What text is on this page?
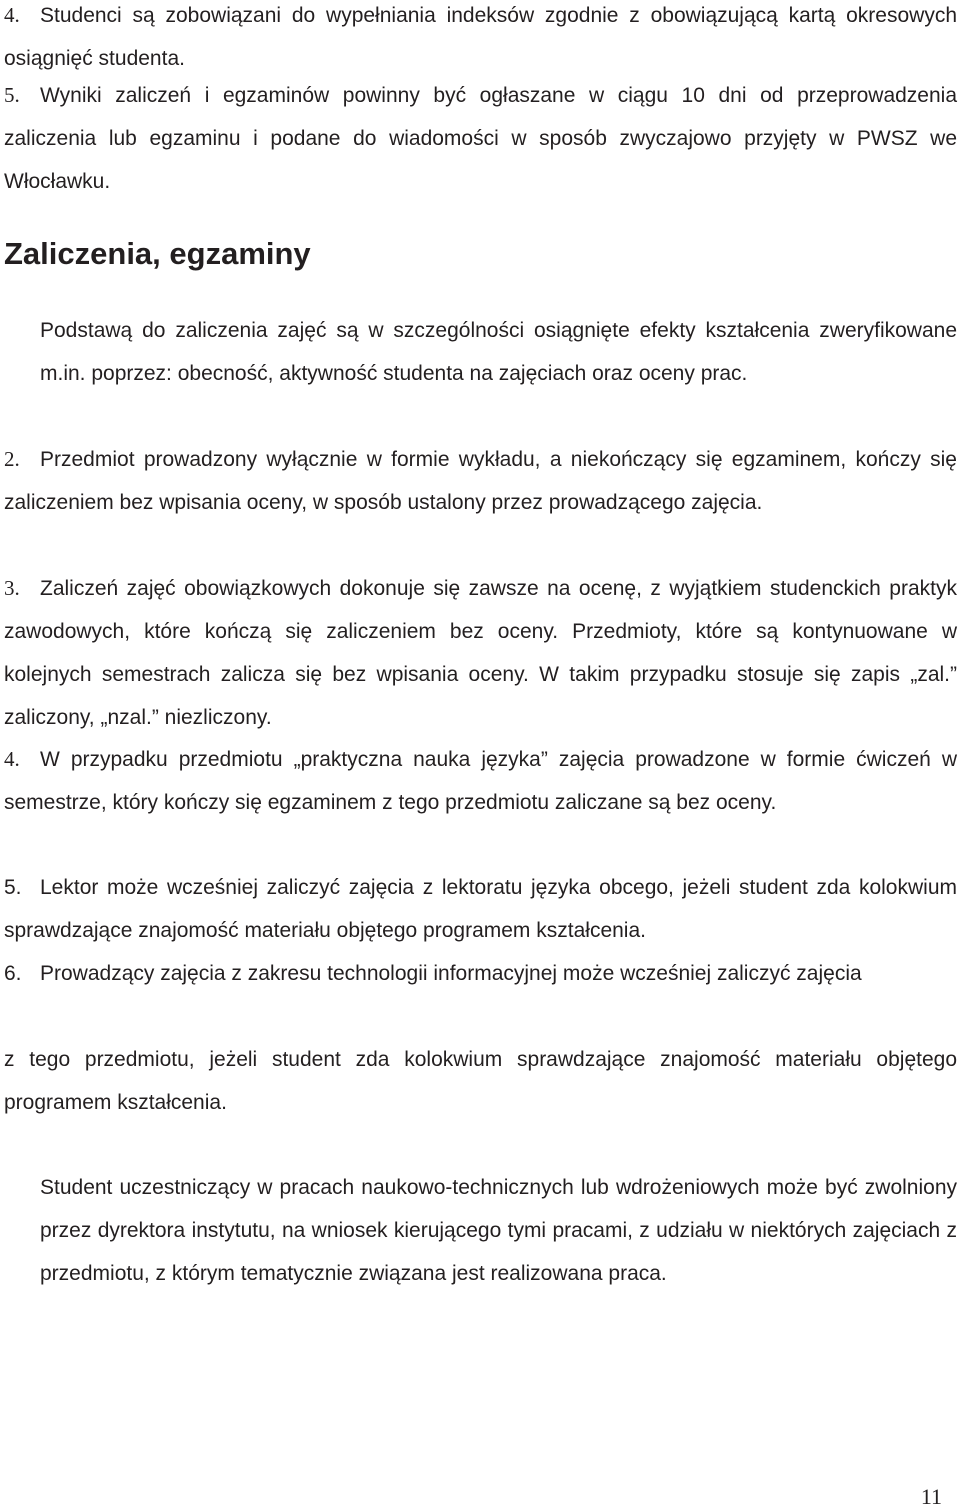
4. Studenci są zobowiązani do wypełniania indeksów zgodnie z obowiązującą kartą okresowych osiągnięć studenta.

5. Wyniki zaliczeń i egzaminów powinny być ogłaszane w ciągu 10 dni od przeprowadzenia zaliczenia lub egzaminu i podane do wiadomości w sposób zwyczajowo przyjęty w PWSZ we Włocławku.

Zaliczenia, egzaminy

Podstawą do zaliczenia zajęć są w szczególności osiągnięte efekty kształcenia zweryfikowane m.in. poprzez: obecność, aktywność studenta na zajęciach oraz oceny prac.

2. Przedmiot prowadzony wyłącznie w formie wykładu, a niekończący się egzaminem, kończy się zaliczeniem bez wpisania oceny, w sposób ustalony przez prowadzącego zajęcia.

3. Zaliczeń zajęć obowiązkowych dokonuje się zawsze na ocenę, z wyjątkiem studenckich praktyk zawodowych, które kończą się zaliczeniem bez oceny. Przedmioty, które są kontynuowane w kolejnych semestrach zalicza się bez wpisania oceny. W takim przypadku stosuje się zapis „zal.” zaliczony, „nzal.” niezliczony.

4. W przypadku przedmiotu „praktyczna nauka języka” zajęcia prowadzone w formie ćwiczeń w semestrze, który kończy się egzaminem z tego przedmiotu zaliczane są bez oceny.

5. Lektor może wcześniej zaliczyć zajęcia z lektoratu języka obcego, jeżeli student zda kolokwium sprawdzające znajomość materiału objętego programem kształcenia.

6. Prowadzący zajęcia z zakresu technologii informacyjnej może wcześniej zaliczyć zajęcia

z tego przedmiotu, jeżeli student zda kolokwium sprawdzające znajomość materiału objętego programem kształcenia.

Student uczestniczący w pracach naukowo-technicznych lub wdrożeniowych może być zwolniony przez dyrektora instytutu, na wniosek kierującego tymi pracami, z udziału w niektórych zajęciach z przedmiotu, z którym tematycznie związana jest realizowana praca.

11
